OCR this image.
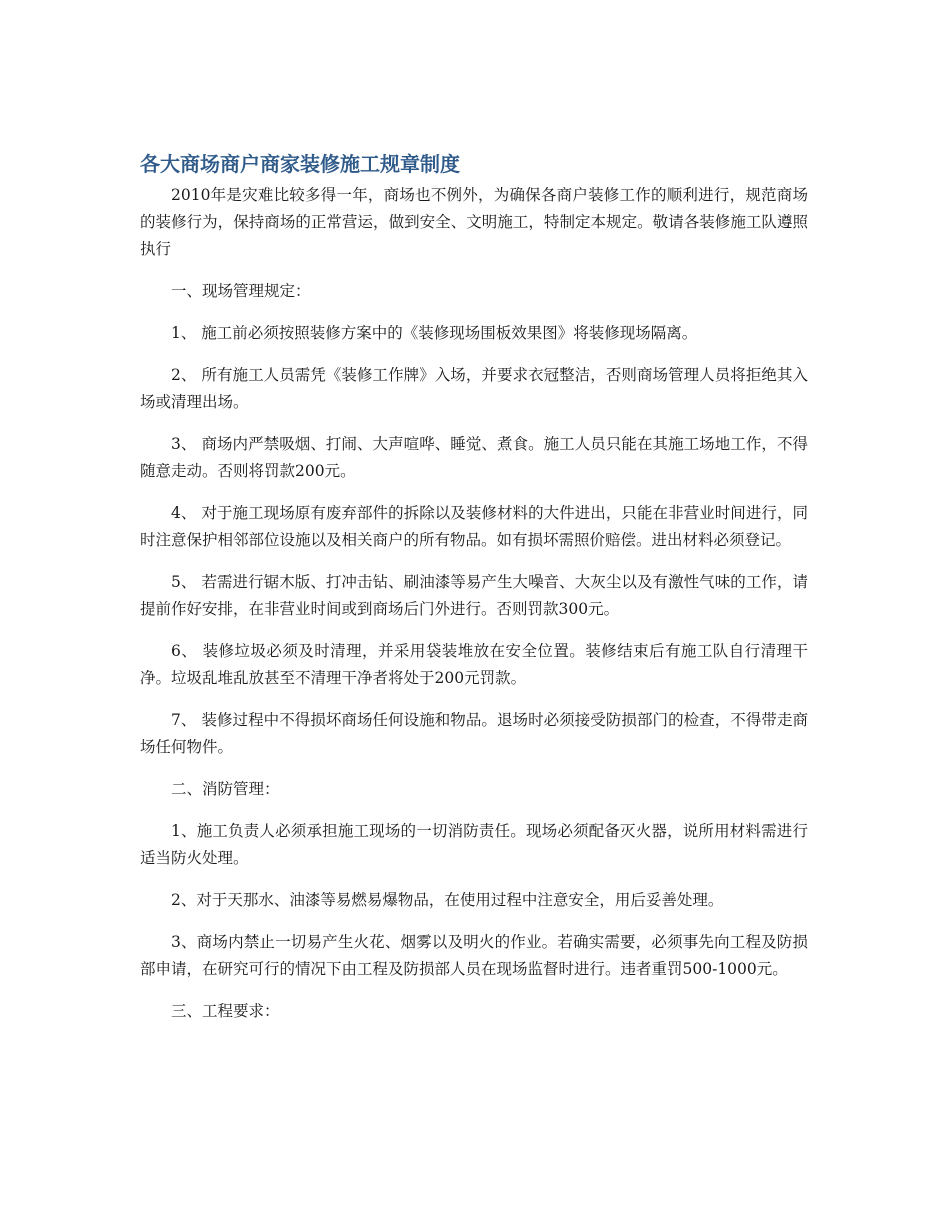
各大商场商户商家装修施工规章制度

2010年是灾难比较多得一年，商场也不例外，为确保各商户装修工作的顺利进行，规范商场的装修行为，保持商场的正常营运，做到安全、文明施工，特制定本规定。敬请各装修施工队遵照执行

一、现场管理规定：

1、 施工前必须按照装修方案中的《装修现场围板效果图》将装修现场隔离。

2、 所有施工人员需凭《装修工作牌》入场，并要求衣冠整洁，否则商场管理人员将拒绝其入场或清理出场。

3、 商场内严禁吸烟、打闹、大声喧哗、睡觉、煮食。施工人员只能在其施工场地工作，不得随意走动。否则将罚款200元。

4、 对于施工现场原有废弃部件的拆除以及装修材料的大件进出，只能在非营业时间进行，同时注意保护相邻部位设施以及相关商户的所有物品。如有损坏需照价赔偿。进出材料必须登记。

5、 若需进行锯木版、打冲击钻、刷油漆等易产生大噪音、大灰尘以及有激性气味的工作，请提前作好安排，在非营业时间或到商场后门外进行。否则罚款300元。

6、 装修垃圾必须及时清理，并采用袋装堆放在安全位置。装修结束后有施工队自行清理干净。垃圾乱堆乱放甚至不清理干净者将处于200元罚款。

7、 装修过程中不得损坏商场任何设施和物品。退场时必须接受防损部门的检查，不得带走商场任何物件。

二、消防管理：

1、施工负责人必须承担施工现场的一切消防责任。现场必须配备灭火器，说所用材料需进行适当防火处理。

2、对于天那水、油漆等易燃易爆物品，在使用过程中注意安全，用后妥善处理。

3、商场内禁止一切易产生火花、烟雾以及明火的作业。若确实需要，必须事先向工程及防损部申请，在研究可行的情况下由工程及防损部人员在现场监督时进行。违者重罚500-1000元。

三、工程要求：
